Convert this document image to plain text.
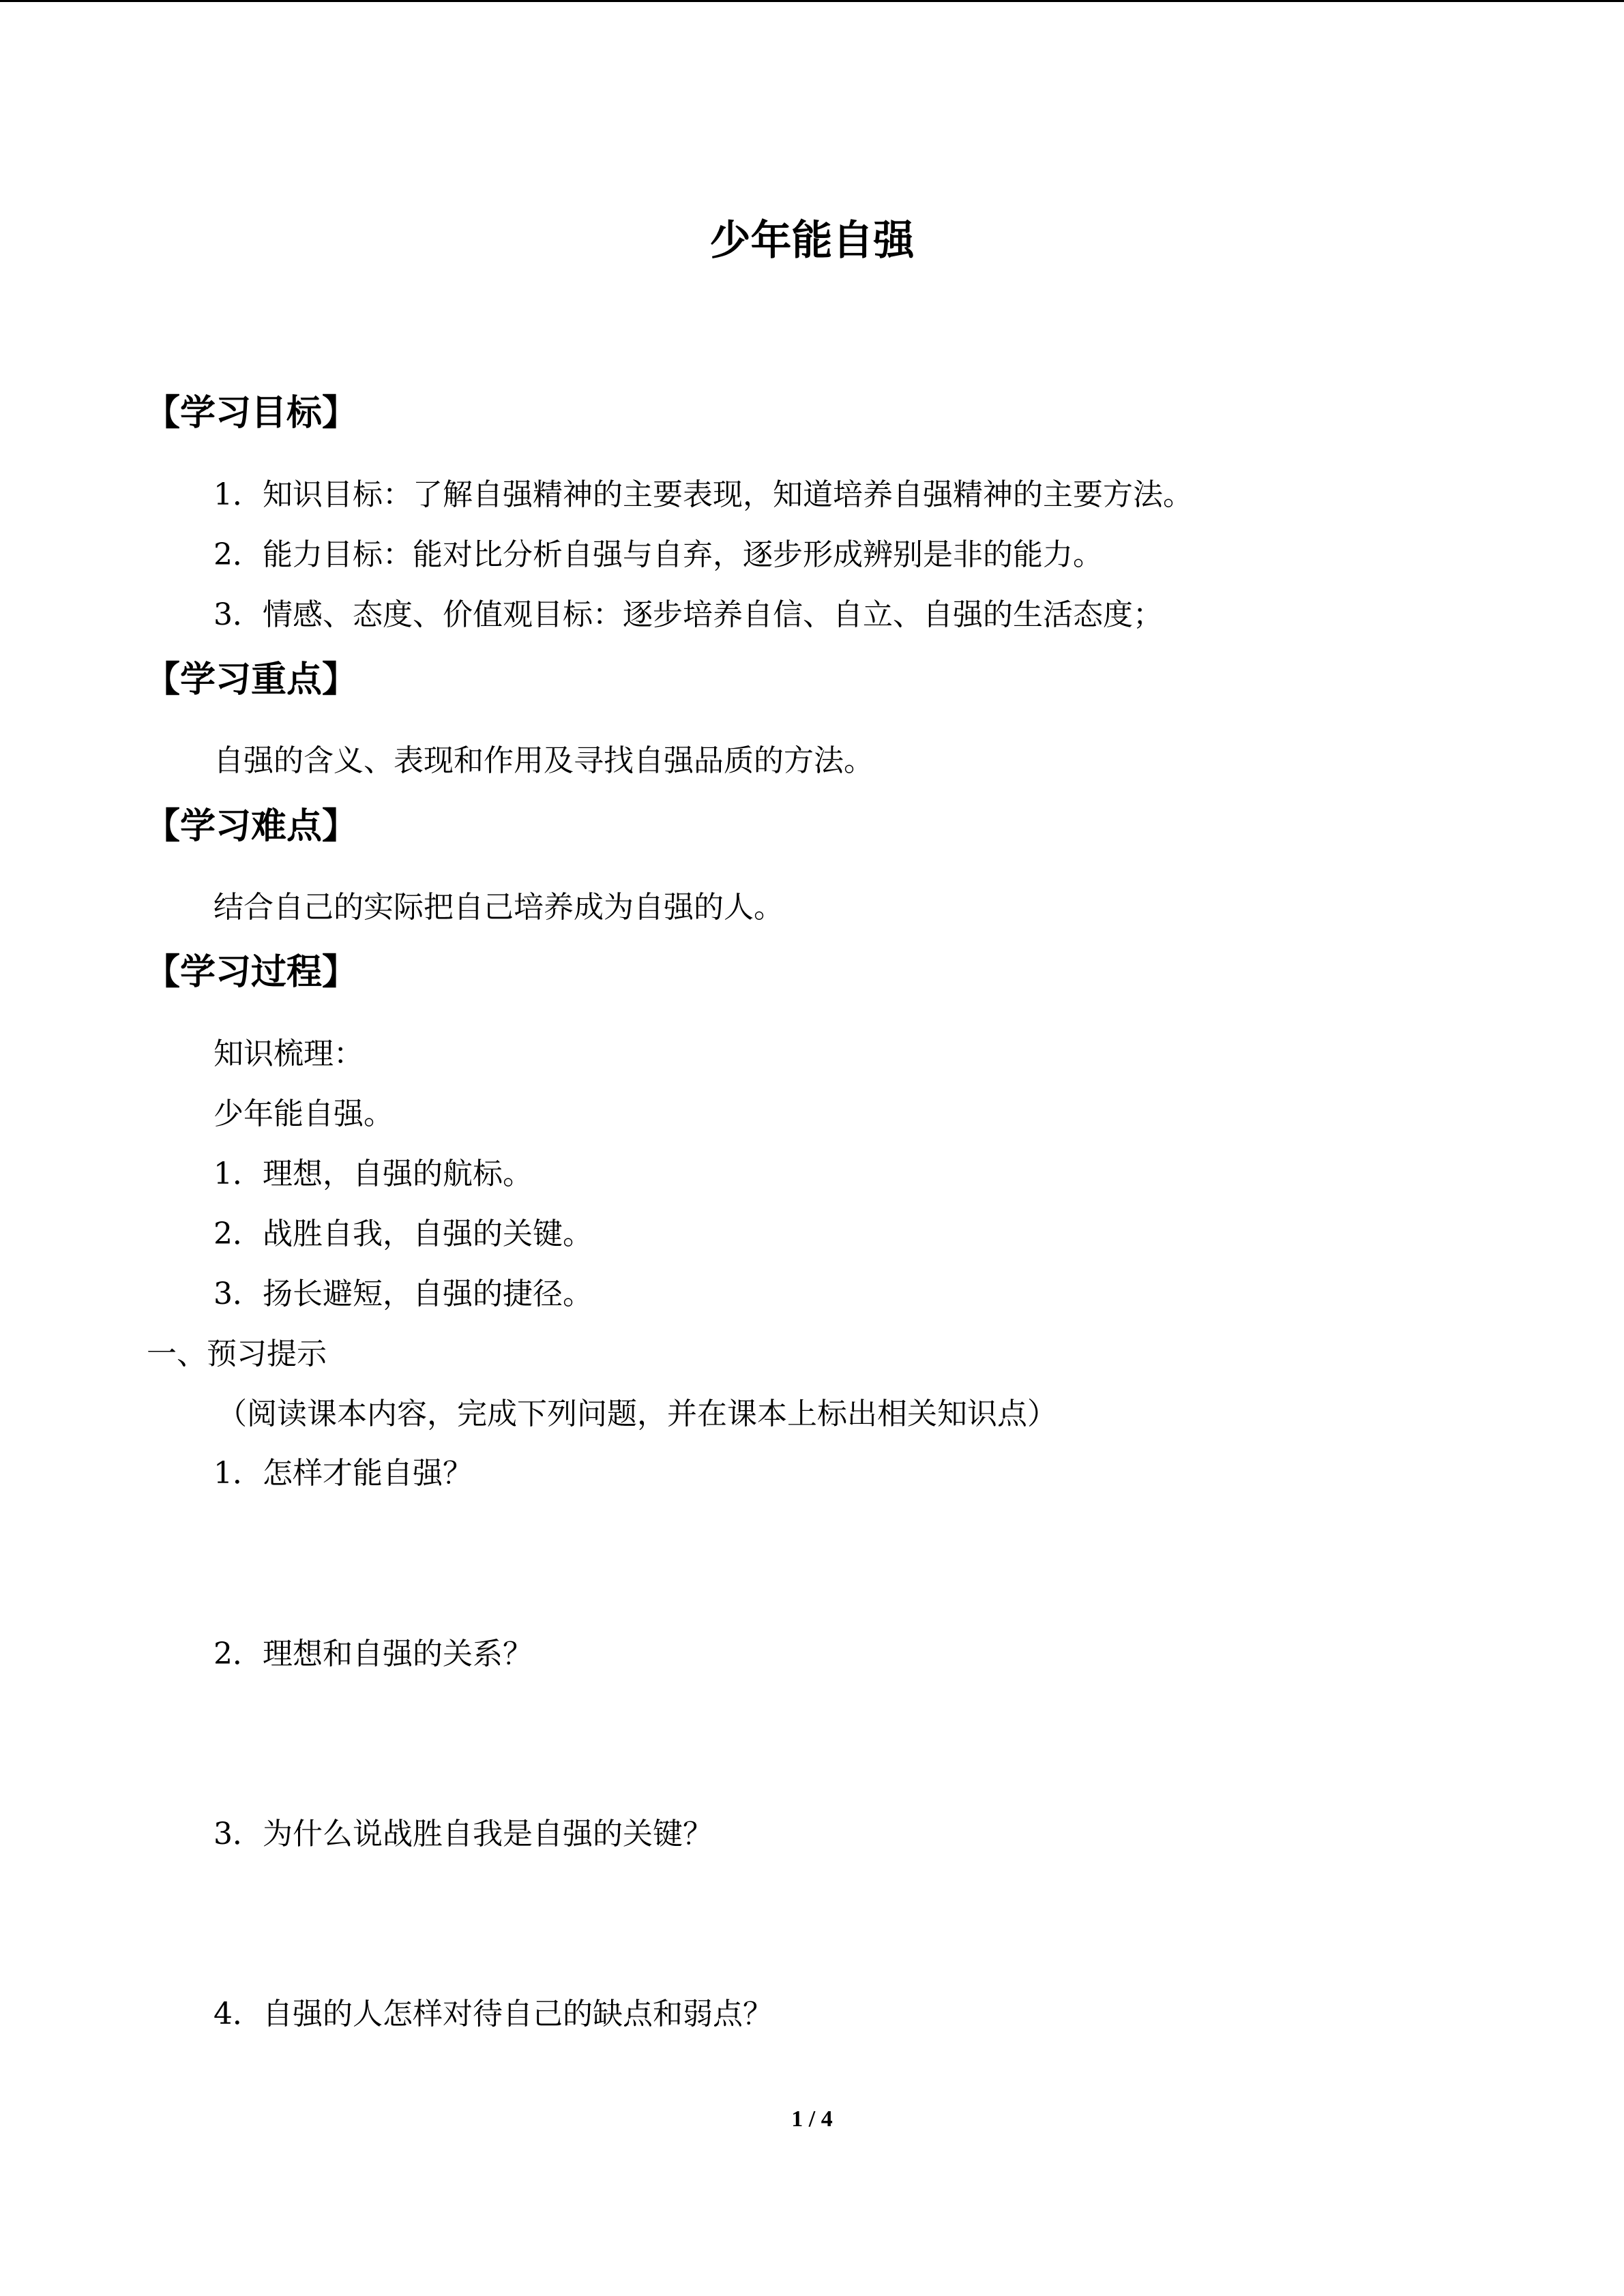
少年能自强
【学习目标】
1．知识目标：了解自强精神的主要表现，知道培养自强精神的主要方法。
2．能力目标：能对比分析自强与自弃，逐步形成辨别是非的能力。
3．情感、态度、价值观目标：逐步培养自信、自立、自强的生活态度；
【学习重点】
自强的含义、表现和作用及寻找自强品质的方法。
【学习难点】
结合自己的实际把自己培养成为自强的人。
【学习过程】
知识梳理：
少年能自强。
1．理想，自强的航标。
2．战胜自我，自强的关键。
3．扬长避短，自强的捷径。
一、预习提示
（阅读课本内容，完成下列问题，并在课本上标出相关知识点）
1．怎样才能自强？
2．理想和自强的关系？
3．为什么说战胜自我是自强的关键？
4．自强的人怎样对待自己的缺点和弱点？
1 / 4
